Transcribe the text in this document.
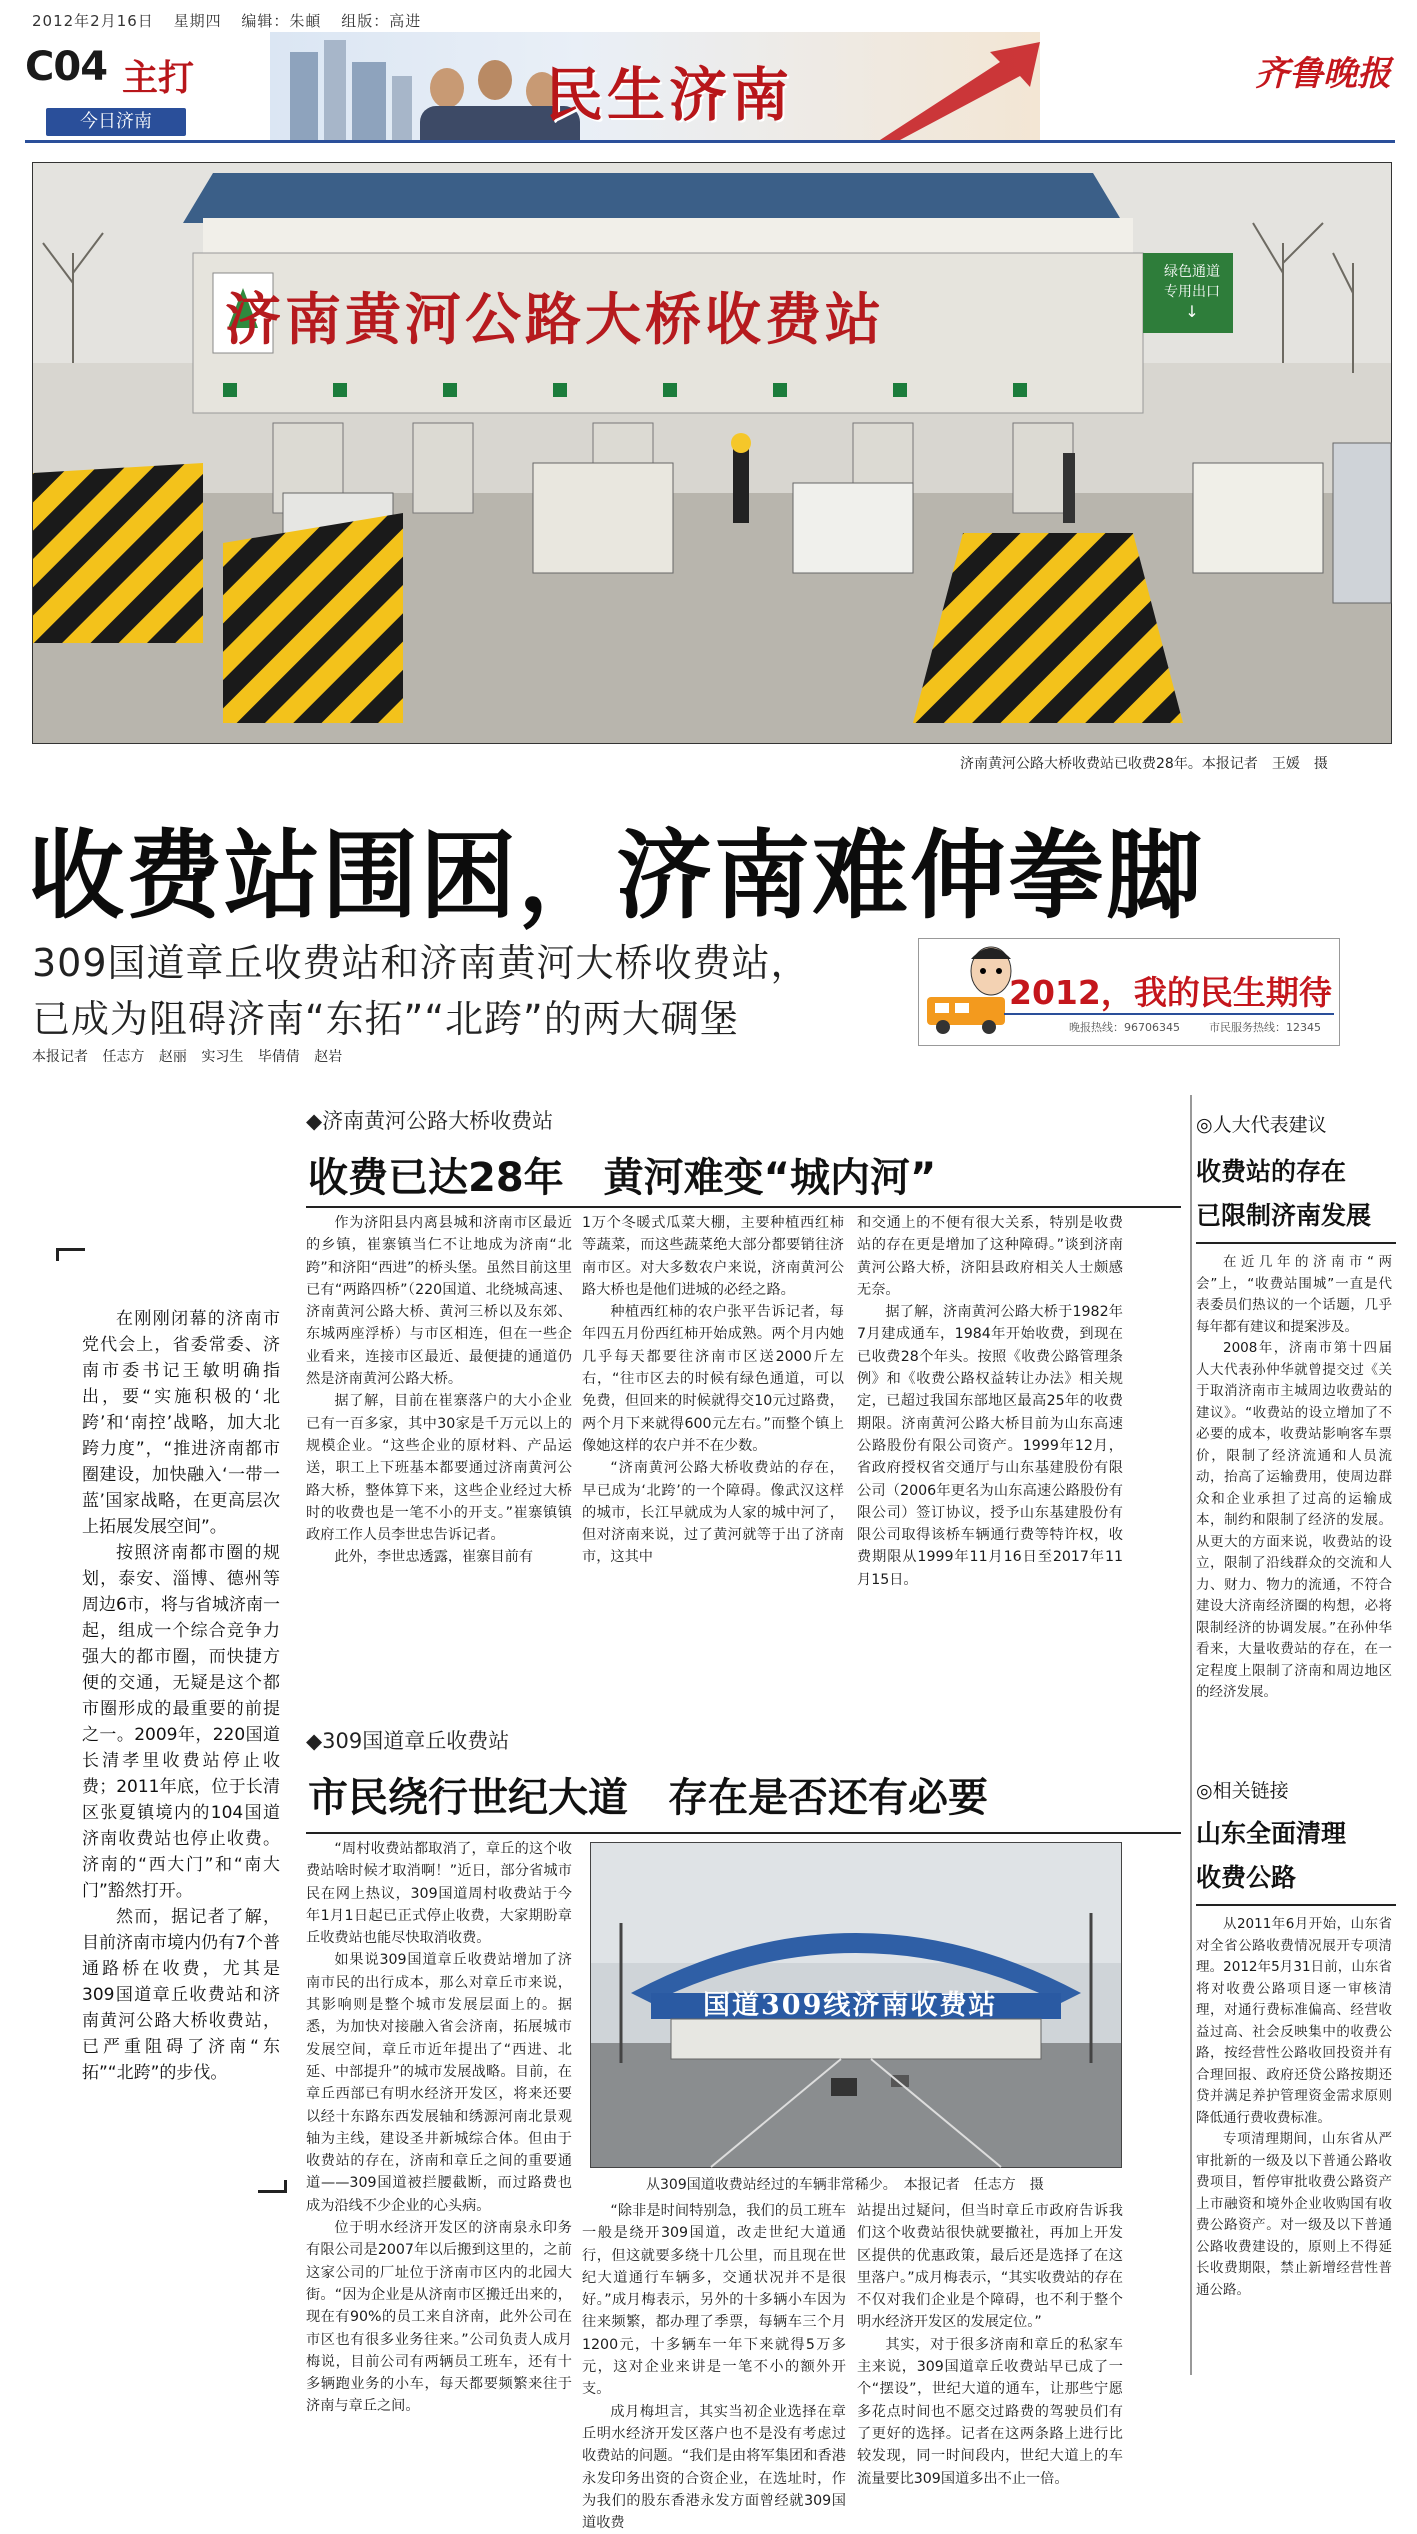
2012年2月16日 星期四 编辑：朱頔 组版：高进
C04 主打
今日济南	民生济南	齐鲁晚报
济南黄河公路大桥收费站
绿色通道
专用出口
↓
济南黄河公路大桥收费站已收费28年。本报记者　王媛　摄
收费站围困，济南难伸拳脚
309国道章丘收费站和济南黄河大桥收费站，
已成为阻碍济南“东拓”“北跨”的两大碉堡
本报记者 任志方 赵丽 实习生 毕倩倩 赵岩
2012，我的民生期待
晚报热线：96706345	市民服务热线：12345

在刚刚闭幕的济南市党代会上，省委常委、济南市委书记王敏明确指出，要“实施积极的‘北跨’和‘南控’战略，加大北跨力度”，“推进济南都市圈建设，加快融入‘一带一蓝’国家战略，在更高层次上拓展发展空间”。

按照济南都市圈的规划，泰安、淄博、德州等周边6市，将与省城济南一起，组成一个综合竞争力强大的都市圈，而快捷方便的交通，无疑是这个都市圈形成的最重要的前提之一。2009年，220国道长清孝里收费站停止收费；2011年底，位于长清区张夏镇境内的104国道济南收费站也停止收费。济南的“西大门”和“南大门”豁然打开。

然而，据记者了解，目前济南市境内仍有7个普通路桥在收费，尤其是309国道章丘收费站和济南黄河公路大桥收费站，已严重阻碍了济南“东拓”“北跨”的步伐。

◆济南黄河公路大桥收费站
收费已达28年　黄河难变“城内河”

作为济阳县内离县城和济南市区最近的乡镇，崔寨镇当仁不让地成为济南“北跨”和济阳“西进”的桥头堡。虽然目前这里已有“两路四桥”（220国道、北绕城高速、济南黄河公路大桥、黄河三桥以及东郊、东城两座浮桥）与市区相连，但在一些企业看来，连接市区最近、最便捷的通道仍然是济南黄河公路大桥。

据了解，目前在崔寨落户的大小企业已有一百多家，其中30家是千万元以上的规模企业。“这些企业的原材料、产品运送，职工上下班基本都要通过济南黄河公路大桥，整体算下来，这些企业经过大桥时的收费也是一笔不小的开支。”崔寨镇镇政府工作人员李世忠告诉记者。

此外，李世忠透露，崔寨目前有

1万个冬暖式瓜菜大棚，主要种植西红柿等蔬菜，而这些蔬菜绝大部分都要销往济南市区。对大多数农户来说，济南黄河公路大桥也是他们进城的必经之路。

种植西红柿的农户张平告诉记者，每年四五月份西红柿开始成熟。两个月内她几乎每天都要往济南市区送2000斤左右，“往市区去的时候有绿色通道，可以免费，但回来的时候就得交10元过路费，两个月下来就得600元左右。”而整个镇上像她这样的农户并不在少数。

“济南黄河公路大桥收费站的存在，早已成为‘北跨’的一个障碍。像武汉这样的城市，长江早就成为人家的城中河了，但对济南来说，过了黄河就等于出了济南市，这其中

和交通上的不便有很大关系，特别是收费站的存在更是增加了这种障碍。”谈到济南黄河公路大桥，济阳县政府相关人士颇感无奈。

据了解，济南黄河公路大桥于1982年7月建成通车，1984年开始收费，到现在已收费28个年头。按照《收费公路管理条例》和《收费公路权益转让办法》相关规定，已超过我国东部地区最高25年的收费期限。济南黄河公路大桥目前为山东高速公路股份有限公司资产。1999年12月，省政府授权省交通厅与山东基建股份有限公司（2006年更名为山东高速公路股份有限公司）签订协议，授予山东基建股份有限公司取得该桥车辆通行费等特许权，收费期限从1999年11月16日至2017年11月15日。

◆309国道章丘收费站
市民绕行世纪大道　存在是否还有必要

“周村收费站都取消了，章丘的这个收费站啥时候才取消啊！”近日，部分省城市民在网上热议，309国道周村收费站于今年1月1日起已正式停止收费，大家期盼章丘收费站也能尽快取消收费。

如果说309国道章丘收费站增加了济南市民的出行成本，那么对章丘市来说，其影响则是整个城市发展层面上的。据悉，为加快对接融入省会济南，拓展城市发展空间，章丘市近年提出了“西进、北延、中部提升”的城市发展战略。目前，在章丘西部已有明水经济开发区，将来还要以经十东路东西发展轴和绣源河南北景观轴为主线，建设圣井新城综合体。但由于收费站的存在，济南和章丘之间的重要通道——309国道被拦腰截断，而过路费也成为沿线不少企业的心头病。

位于明水经济开发区的济南泉永印务有限公司是2007年以后搬到这里的，之前这家公司的厂址位于济南市区内的北园大街。“因为企业是从济南市区搬迁出来的，现在有90%的员工来自济南，此外公司在市区也有很多业务往来。”公司负责人成月梅说，目前公司有两辆员工班车，还有十多辆跑业务的小车，每天都要频繁来往于济南与章丘之间。

国道309线济南收费站
从309国道收费站经过的车辆非常稀少。　本报记者　任志方　摄

“除非是时间特别急，我们的员工班车一般是绕开309国道，改走世纪大道通行，但这就要多绕十几公里，而且现在世纪大道通行车辆多，交通状况并不是很好。”成月梅表示，另外的十多辆小车因为往来频繁，都办理了季票，每辆车三个月1200元，十多辆车一年下来就得5万多元，这对企业来讲是一笔不小的额外开支。

成月梅坦言，其实当初企业选择在章丘明水经济开发区落户也不是没有考虑过收费站的问题。“我们是由将军集团和香港永发印务出资的合资企业，在选址时，作为我们的股东香港永发方面曾经就309国道收费

站提出过疑问，但当时章丘市政府告诉我们这个收费站很快就要撤社，再加上开发区提供的优惠政策，最后还是选择了在这里落户。”成月梅表示，“其实收费站的存在不仅对我们企业是个障碍，也不利于整个明水经济开发区的发展定位。”

其实，对于很多济南和章丘的私家车主来说，309国道章丘收费站早已成了一个“摆设”，世纪大道的通车，让那些宁愿多花点时间也不愿交过路费的驾驶员们有了更好的选择。记者在这两条路上进行比较发现，同一时间段内，世纪大道上的车流量要比309国道多出不止一倍。

◎人大代表建议
收费站的存在
已限制济南发展

在近几年的济南市“两会”上，“收费站围城”一直是代表委员们热议的一个话题，几乎每年都有建议和提案涉及。

2008年，济南市第十四届人大代表孙仲华就曾提交过《关于取消济南市主城周边收费站的建议》。“收费站的设立增加了不必要的成本，收费站影响客车票价，限制了经济流通和人员流动，抬高了运输费用，使周边群众和企业承担了过高的运输成本，制约和限制了经济的发展。从更大的方面来说，收费站的设立，限制了沿线群众的交流和人力、财力、物力的流通，不符合建设大济南经济圈的构想，必将限制经济的协调发展。”在孙仲华看来，大量收费站的存在，在一定程度上限制了济南和周边地区的经济发展。

◎相关链接
山东全面清理
收费公路

从2011年6月开始，山东省对全省公路收费情况展开专项清理。2012年5月31日前，山东省将对收费公路项目逐一审核清理，对通行费标准偏高、经营收益过高、社会反映集中的收费公路，按经营性公路收回投资并有合理回报、政府还贷公路按期还贷并满足养护管理资金需求原则降低通行费收费标准。

专项清理期间，山东省从严审批新的一级及以下普通公路收费项目，暂停审批收费公路资产上市融资和境外企业收购国有收费公路资产。对一级及以下普通公路收费建设的，原则上不得延长收费期限，禁止新增经营性普通公路。
